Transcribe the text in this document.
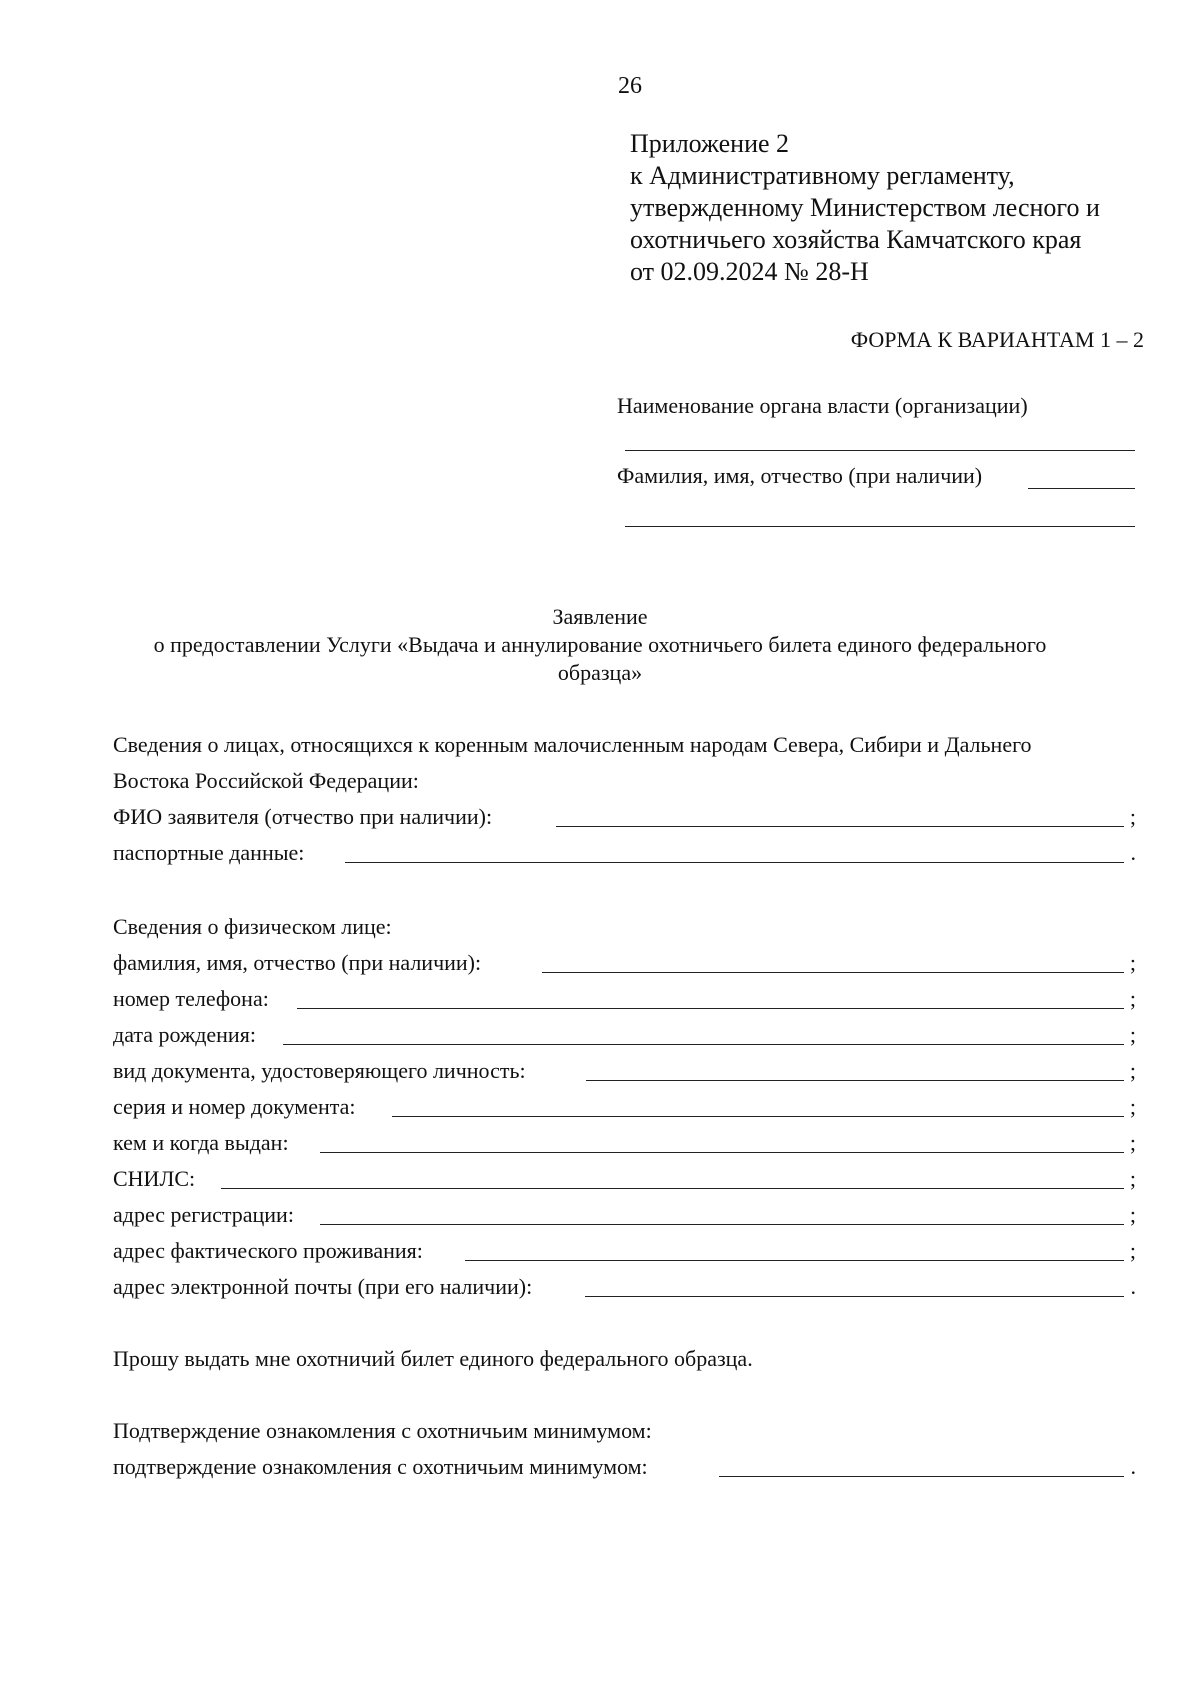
26
Приложение 2
к Административному регламенту,
утвержденному Министерством лесного и
охотничьего хозяйства Камчатского края
от 02.09.2024 № 28-Н
ФОРМА К ВАРИАНТАМ 1 – 2
Наименование органа власти (организации)
Фамилия, имя, отчество (при наличии)
Заявление
о предоставлении Услуги «Выдача и аннулирование охотничьего билета единого федерального
образца»
Сведения о лицах, относящихся к коренным малочисленным народам Севера, Сибири и Дальнего
Востока Российской Федерации:
ФИО заявителя (отчество при наличии):	;
паспортные данные:	.
Сведения о физическом лице:
фамилия, имя, отчество (при наличии):	;
номер телефона:	;
дата рождения:	;
вид документа, удостоверяющего личность:	;
серия и номер документа:	;
кем и когда выдан:	;
СНИЛС:	;
адрес регистрации:	;
адрес фактического проживания:	;
адрес электронной почты (при его наличии):	.
Прошу выдать мне охотничий билет единого федерального образца.
Подтверждение ознакомления с охотничьим минимумом:
подтверждение ознакомления с охотничьим минимумом:	.
